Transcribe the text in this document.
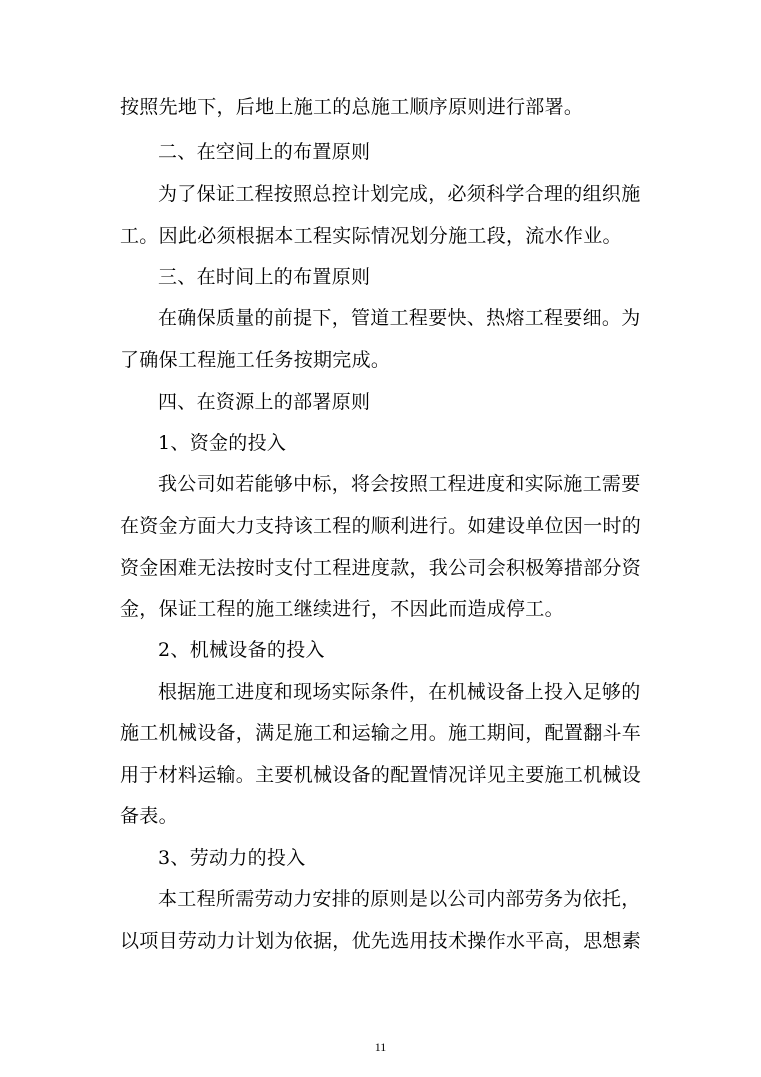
按照先地下，后地上施工的总施工顺序原则进行部署。
二、在空间上的布置原则
为了保证工程按照总控计划完成，必须科学合理的组织施
工。因此必须根据本工程实际情况划分施工段，流水作业。
三、在时间上的布置原则
在确保质量的前提下，管道工程要快、热熔工程要细。为
了确保工程施工任务按期完成。
四、在资源上的部署原则
1、资金的投入
我公司如若能够中标，将会按照工程进度和实际施工需要
在资金方面大力支持该工程的顺利进行。如建设单位因一时的
资金困难无法按时支付工程进度款，我公司会积极筹措部分资
金，保证工程的施工继续进行，不因此而造成停工。
2、机械设备的投入
根据施工进度和现场实际条件，在机械设备上投入足够的
施工机械设备，满足施工和运输之用。施工期间，配置翻斗车
用于材料运输。主要机械设备的配置情况详见主要施工机械设
备表。
3、劳动力的投入
本工程所需劳动力安排的原则是以公司内部劳务为依托，
以项目劳动力计划为依据，优先选用技术操作水平高，思想素
11
